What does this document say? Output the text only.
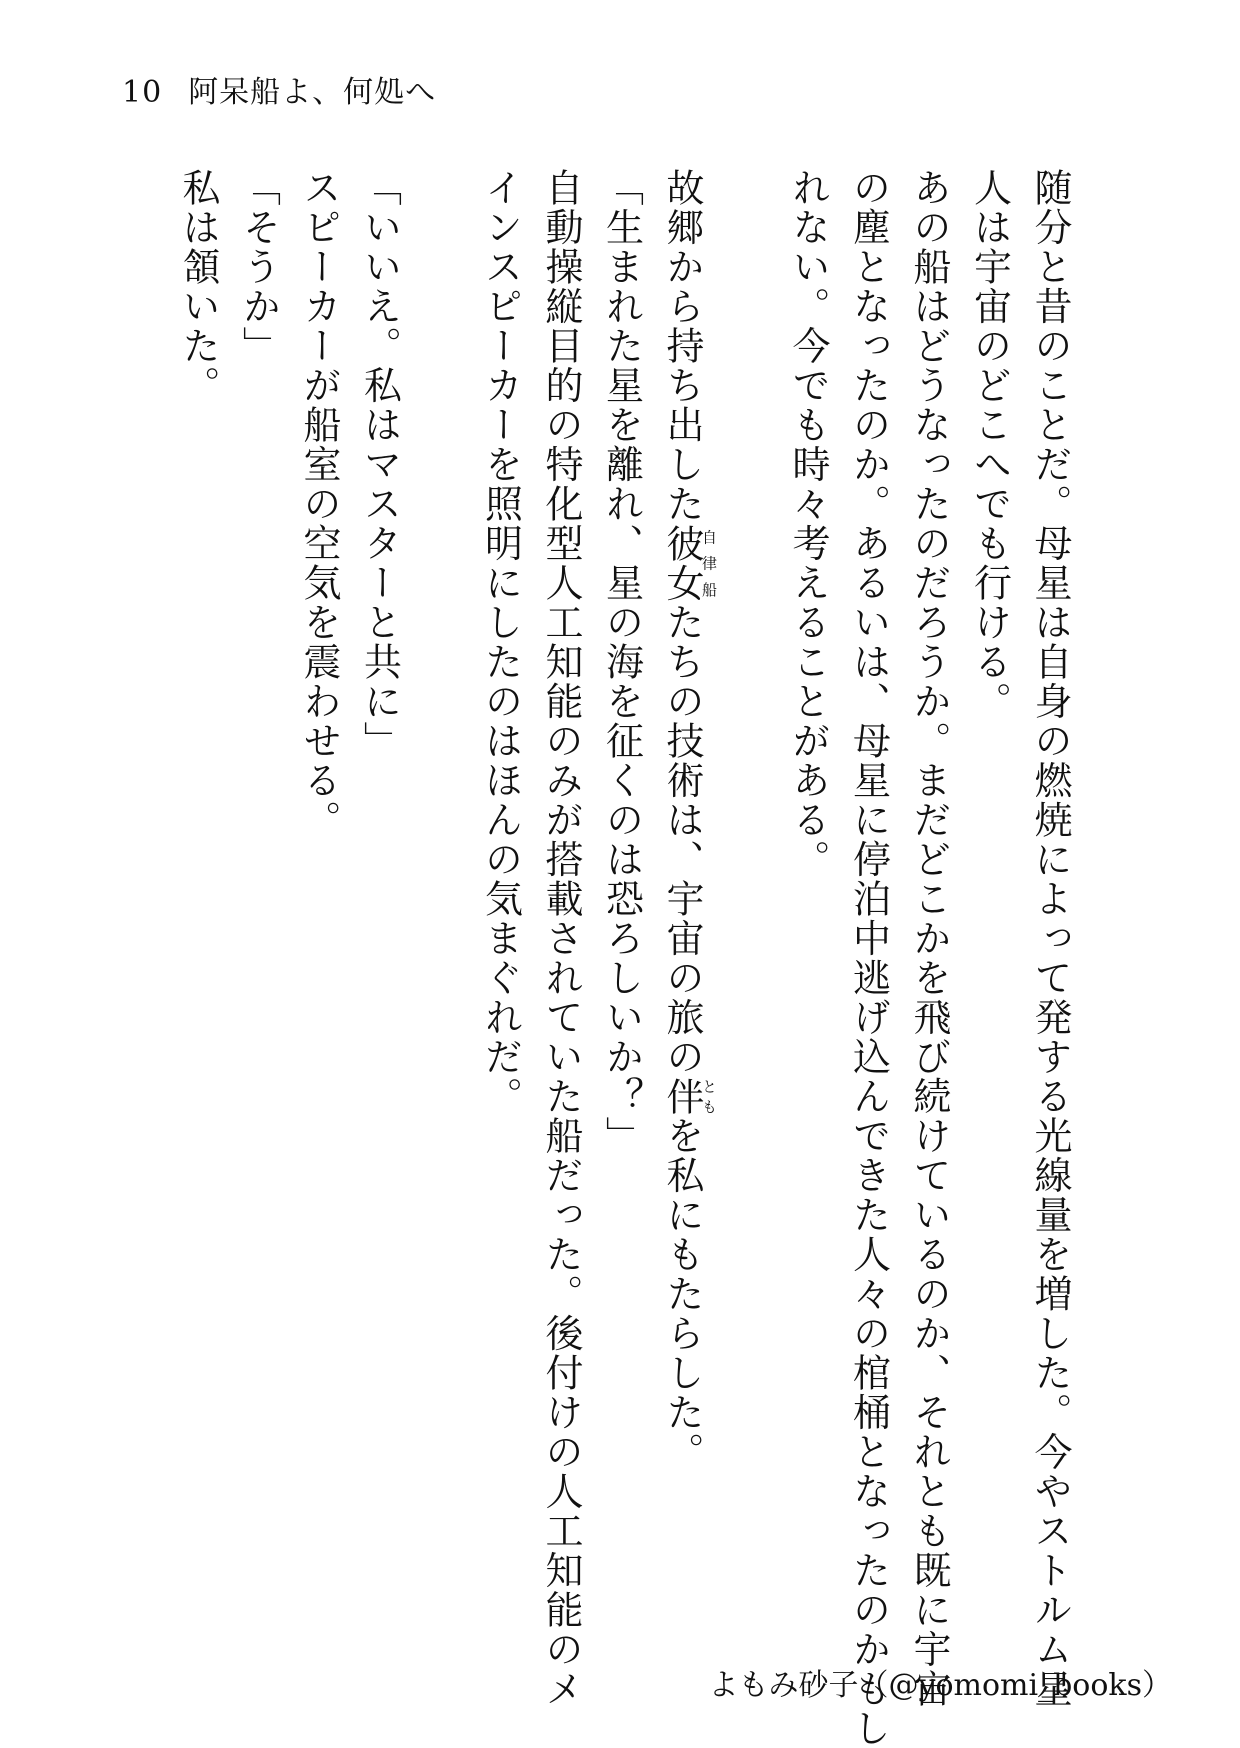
10 阿呆船よ、何処へ
随分と昔のことだ。母星は自身の燃焼によって発する光線量を増した。今やストルム星
人は宇宙のどこへでも行ける。
あの船はどうなったのだろうか。まだどこかを飛び続けているのか、それとも既に宇宙
の塵となったのか。あるいは、母星に停泊中逃げ込んできた人々の棺桶となったのかもし
れない。今でも時々考えることがある。

故郷から持ち出した彼女自律船たちの技術は、宇宙の旅の伴ともを私にもたらした。
「生まれた星を離れ、星の海を征くのは恐ろしいか？」
自動操縦目的の特化型人工知能のみが搭載されていた船だった。後付けの人工知能のメ
インスピーカーを照明にしたのはほんの気まぐれだ。

「いいえ。私はマスターと共に」
スピーカーが船室の空気を震わせる。
「そうか」
私は頷いた。
よもみ砂子（@yomomi_books）
